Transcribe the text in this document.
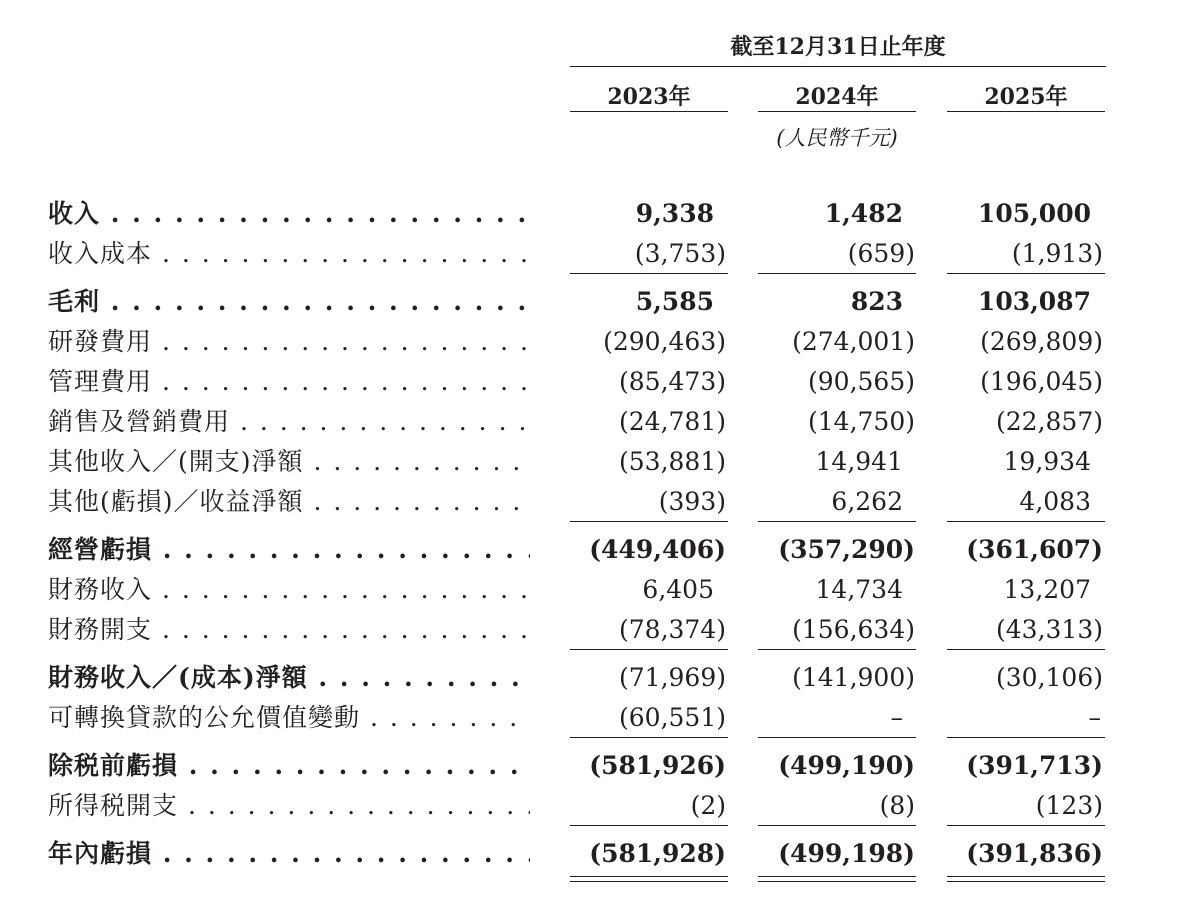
截至12月31日止年度
2023年	2024年	2025年
(人民幣千元)
收入 . . .	9,338	1,482	105,000
收入成本 . . .	(3,753)	(659)	(1,913)
毛利 . . .	5,585	823	103,087
研發費用 . . .	(290,463)	(274,001)	(269,809)
管理費用 . . .	(85,473)	(90,565)	(196,045)
銷售及營銷費用 . . .	(24,781)	(14,750)	(22,857)
其他收入／(開支)淨額 . . .	(53,881)	14,941	19,934
其他(虧損)／收益淨額 . . .	(393)	6,262	4,083
經營虧損 . . .	(449,406)	(357,290)	(361,607)
財務收入 . . .	6,405	14,734	13,207
財務開支 . . .	(78,374)	(156,634)	(43,313)
財務收入／(成本)淨額 . . .	(71,969)	(141,900)	(30,106)
可轉換貸款的公允價值變動 . . .	(60,551)	–	–
除税前虧損 . . .	(581,926)	(499,190)	(391,713)
所得税開支 . . .	(2)	(8)	(123)
年內虧損 . . .	(581,928)	(499,198)	(391,836)
